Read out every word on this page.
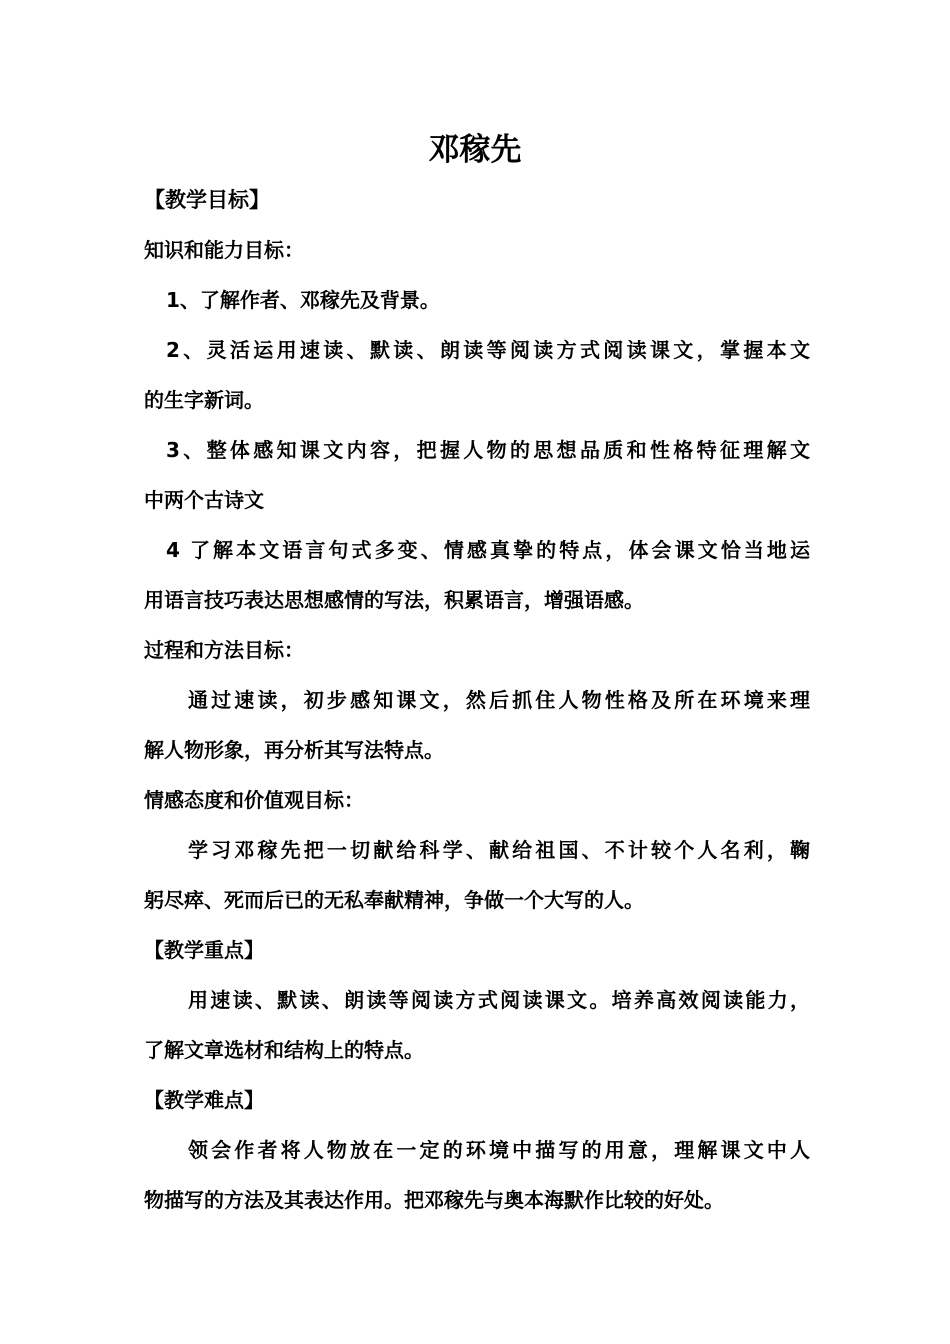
邓稼先
【教学目标】
知识和能力目标：
1、了解作者、邓稼先及背景。
2、灵活运用速读、默读、朗读等阅读方式阅读课文，掌握本文
的生字新词。
3、整体感知课文内容，把握人物的思想品质和性格特征理解文
中两个古诗文
4 了解本文语言句式多变、情感真挚的特点，体会课文恰当地运
用语言技巧表达思想感情的写法，积累语言，增强语感。
过程和方法目标：
通过速读，初步感知课文，然后抓住人物性格及所在环境来理
解人物形象，再分析其写法特点。
情感态度和价值观目标：
学习邓稼先把一切献给科学、献给祖国、不计较个人名利，鞠
躬尽瘁、死而后已的无私奉献精神，争做一个大写的人。
【教学重点】
用速读、默读、朗读等阅读方式阅读课文。培养高效阅读能力，
了解文章选材和结构上的特点。
【教学难点】
领会作者将人物放在一定的环境中描写的用意，理解课文中人
物描写的方法及其表达作用。把邓稼先与奥本海默作比较的好处。
